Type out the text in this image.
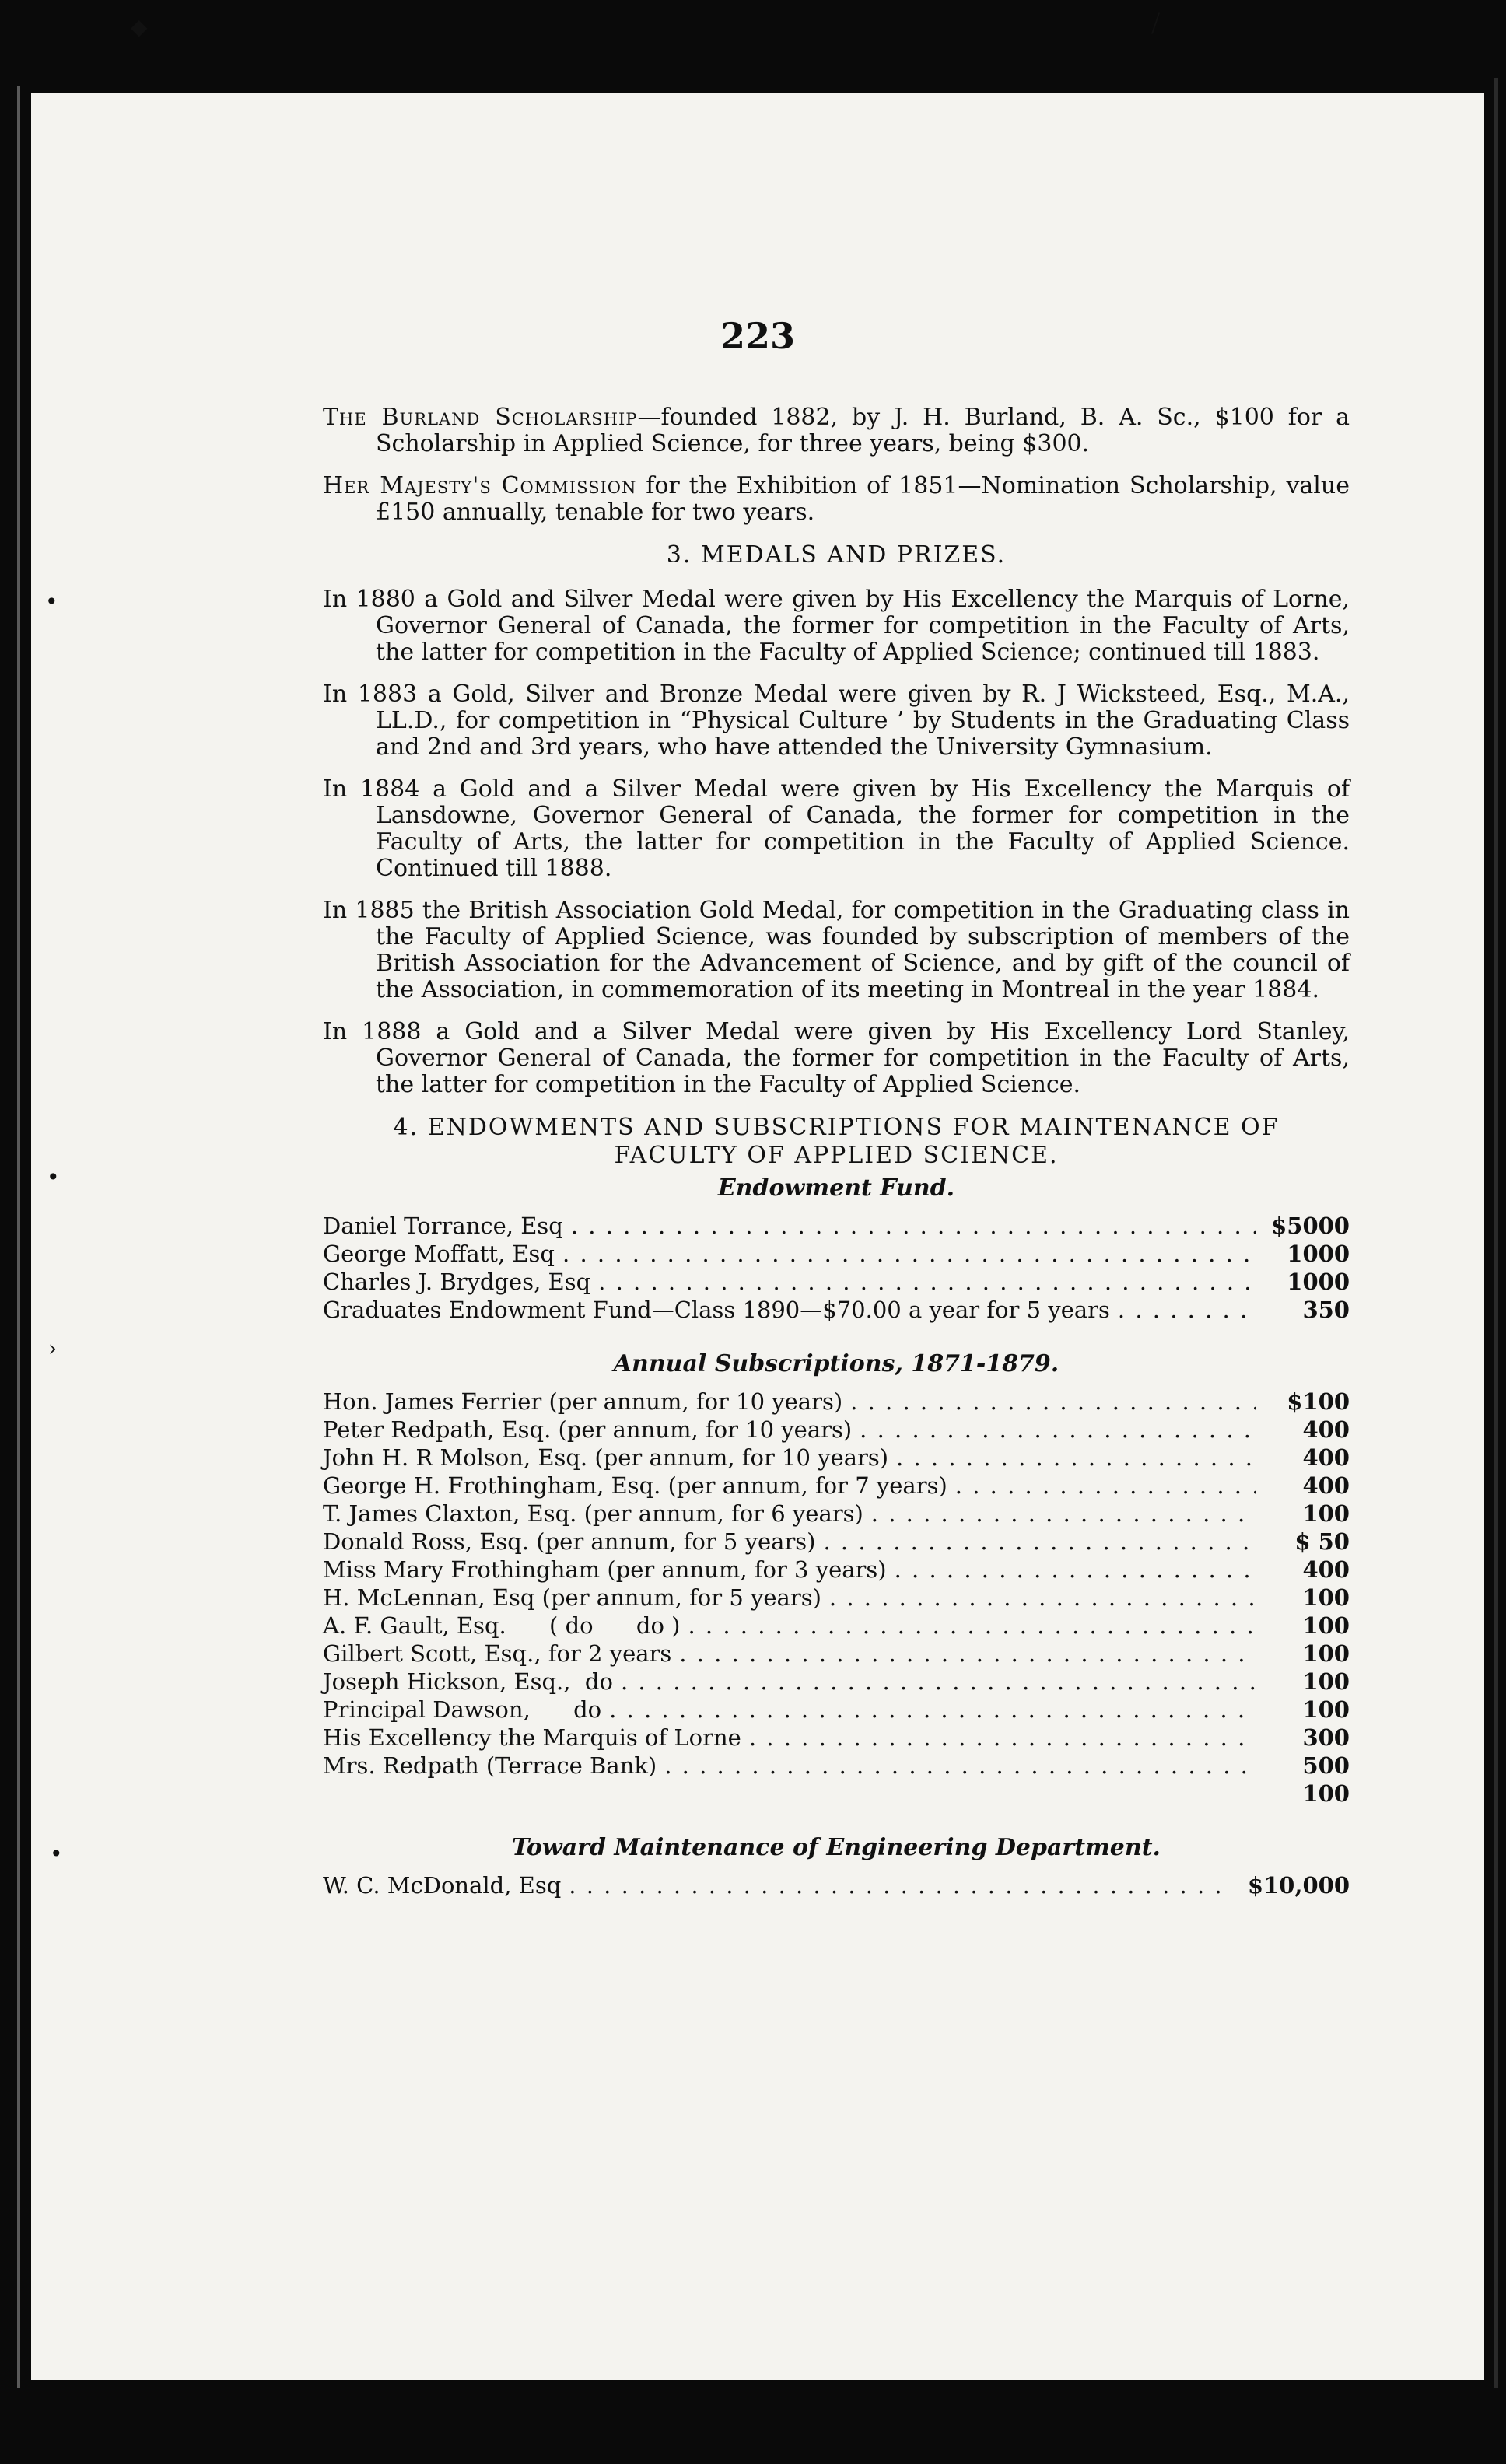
◆	/
•
•
›
•
223

The Burland Scholarship—founded 1882, by J. H. Burland, B. A. Sc., $100 for a Scholarship in Applied Science, for three years, being $300.

Her Majesty's Commission for the Exhibition of 1851—Nomination Scholarship, value £150 annually, tenable for two years.

3. MEDALS AND PRIZES.

In 1880 a Gold and Silver Medal were given by His Excellency the Marquis of Lorne, Governor General of Canada, the former for competition in the Faculty of Arts, the latter for competition in the Faculty of Applied Science; continued till 1883.

In 1883 a Gold, Silver and Bronze Medal were given by R. J Wicksteed, Esq., M.A., LL.D., for competition in “Physical Culture ’ by Students in the Graduating Class and 2nd and 3rd years, who have attended the University Gymnasium.

In 1884 a Gold and a Silver Medal were given by His Excellency the Marquis of Lansdowne, Governor General of Canada, the former for competition in the Faculty of Arts, the latter for competition in the Faculty of Applied Science. Continued till 1888.

In 1885 the British Association Gold Medal, for competition in the Graduating class in the Faculty of Applied Science, was founded by subscription of members of the British Association for the Advancement of Science, and by gift of the council of the Association, in commemoration of its meeting in Montreal in the year 1884.

In 1888 a Gold and a Silver Medal were given by His Excellency Lord Stanley, Governor General of Canada, the former for competition in the Faculty of Arts, the latter for competition in the Faculty of Applied Science.

4. ENDOWMENTS AND SUBSCRIPTIONS FOR MAINTENANCE OF
FACULTY OF APPLIED SCIENCE.
Endowment Fund.
Daniel Torrance, Esq . . .	$5000
George Moffatt, Esq . . .	1000
Charles J. Brydges, Esq . . .	1000
Graduates Endowment Fund—Class 1890—$70.00 a year for 5 years . . .	350
Annual Subscriptions, 1871-1879.
Hon. James Ferrier (per annum, for 10 years) . . .	$100
Peter Redpath, Esq. (per annum, for 10 years) . . .	400
John H. R Molson, Esq. (per annum, for 10 years) . . .	400
George H. Frothingham, Esq. (per annum, for 7 years) . . .	400
T. James Claxton, Esq. (per annum, for 6 years) . . .	100
Donald Ross, Esq. (per annum, for 5 years) . . .	$ 50
Miss Mary Frothingham (per annum, for 3 years) . . .	400
H. McLennan, Esq (per annum, for 5 years) . . .	100
A. F. Gault, Esq.      ( do      do ) . . .	100
Gilbert Scott, Esq., for 2 years . . .	100
Joseph Hickson, Esq.,  do . . .	100
Principal Dawson,      do . . .	100
His Excellency the Marquis of Lorne . . .	300
Mrs. Redpath (Terrace Bank) . . .	500
100
Toward Maintenance of Engineering Department.
W. C. McDonald, Esq . . .	$10,000
